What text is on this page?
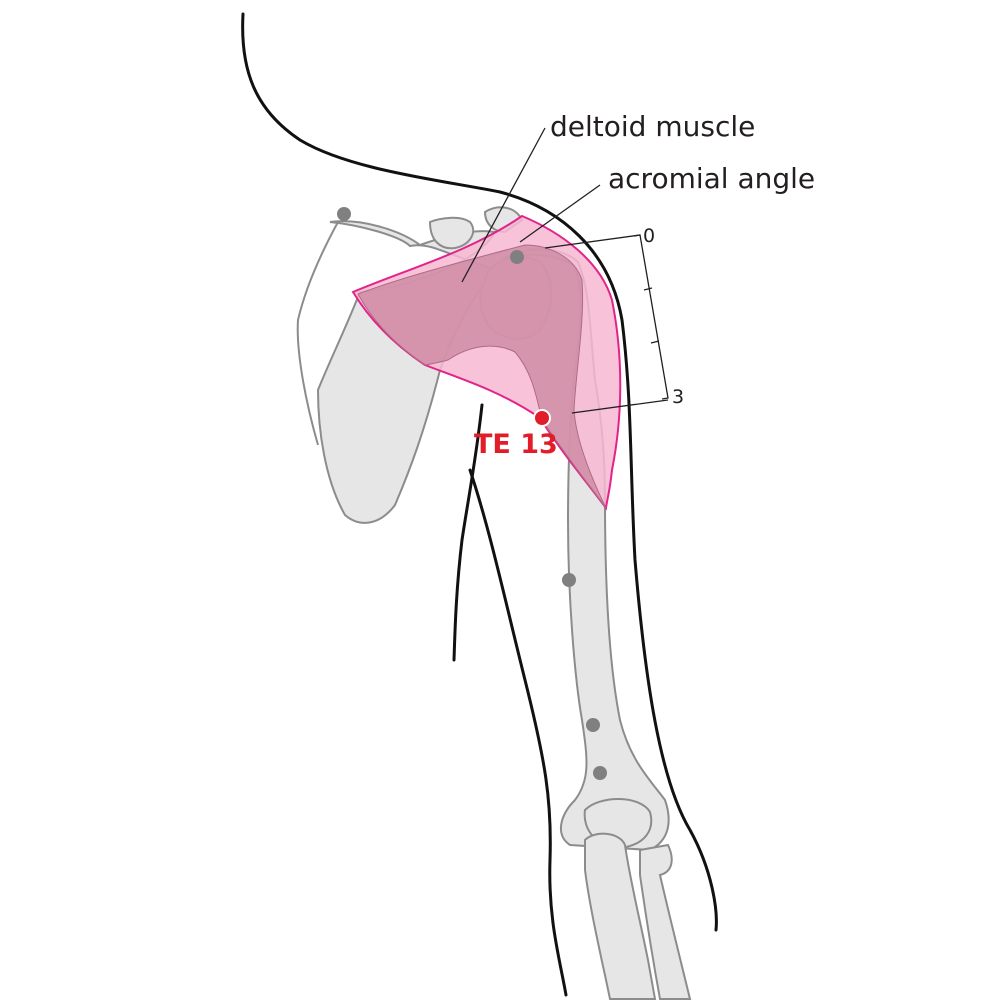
0
3
TE 13
deltoid muscle
acromial angle
